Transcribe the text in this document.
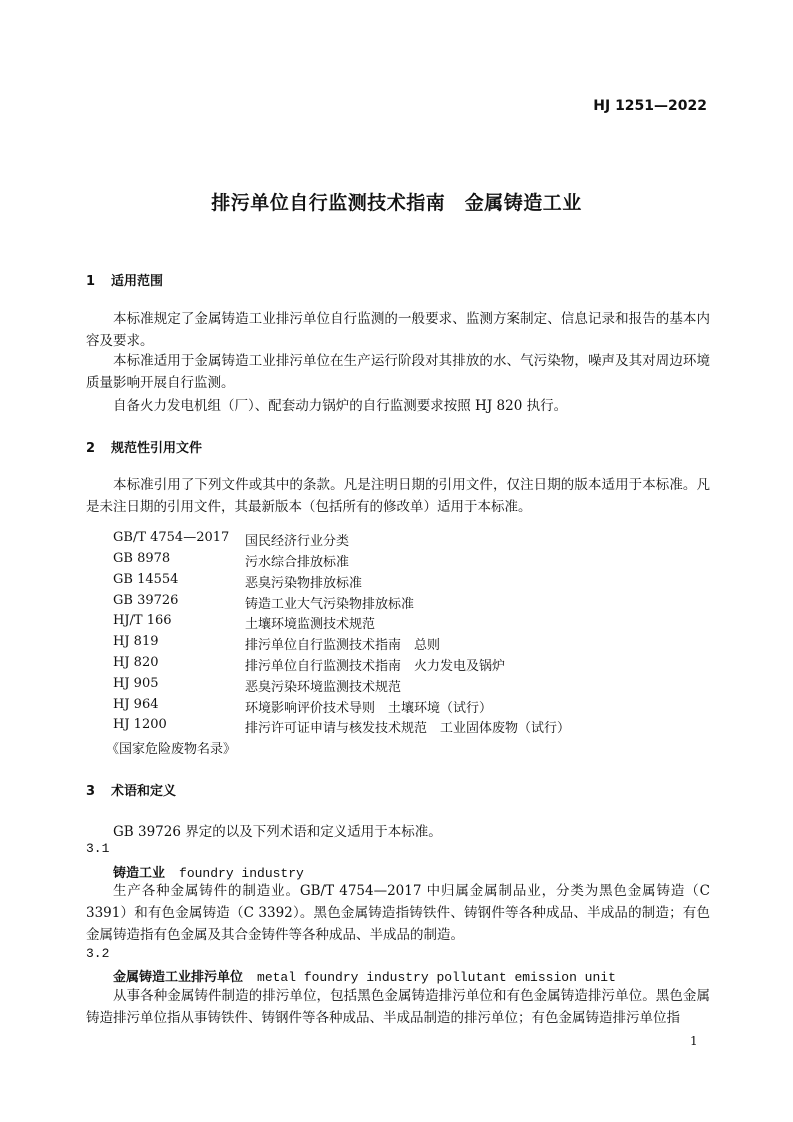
HJ 1251—2022
排污单位自行监测技术指南　金属铸造工业
1 适用范围
本标准规定了金属铸造工业排污单位自行监测的一般要求、监测方案制定、信息记录和报告的基本内容及要求。
本标准适用于金属铸造工业排污单位在生产运行阶段对其排放的水、气污染物，噪声及其对周边环境质量影响开展自行监测。
自备火力发电机组（厂）、配套动力锅炉的自行监测要求按照 HJ 820 执行。
2 规范性引用文件
本标准引用了下列文件或其中的条款。凡是注明日期的引用文件，仅注日期的版本适用于本标准。凡是未注日期的引用文件，其最新版本（包括所有的修改单）适用于本标准。
GB/T 4754—2017 国民经济行业分类
GB 8978	污水综合排放标准
GB 14554	恶臭污染物排放标准
GB 39726	铸造工业大气污染物排放标准
HJ/T 166	土壤环境监测技术规范
HJ 819	排污单位自行监测技术指南　总则
HJ 820	排污单位自行监测技术指南　火力发电及锅炉
HJ 905	恶臭污染环境监测技术规范
HJ 964	环境影响评价技术导则　土壤环境（试行）
HJ 1200	排污许可证申请与核发技术规范　工业固体废物（试行）
《国家危险废物名录》
3 术语和定义
GB 39726 界定的以及下列术语和定义适用于本标准。
3.1
铸造工业 foundry industry
生产各种金属铸件的制造业。GB/T 4754—2017 中归属金属制品业，分类为黑色金属铸造（C 3391）和有色金属铸造（C 3392）。黑色金属铸造指铸铁件、铸钢件等各种成品、半成品的制造；有色金属铸造指有色金属及其合金铸件等各种成品、半成品的制造。
3.2
金属铸造工业排污单位 metal foundry industry pollutant emission unit
从事各种金属铸件制造的排污单位，包括黑色金属铸造排污单位和有色金属铸造排污单位。黑色金属铸造排污单位指从事铸铁件、铸钢件等各种成品、半成品制造的排污单位；有色金属铸造排污单位指
1
